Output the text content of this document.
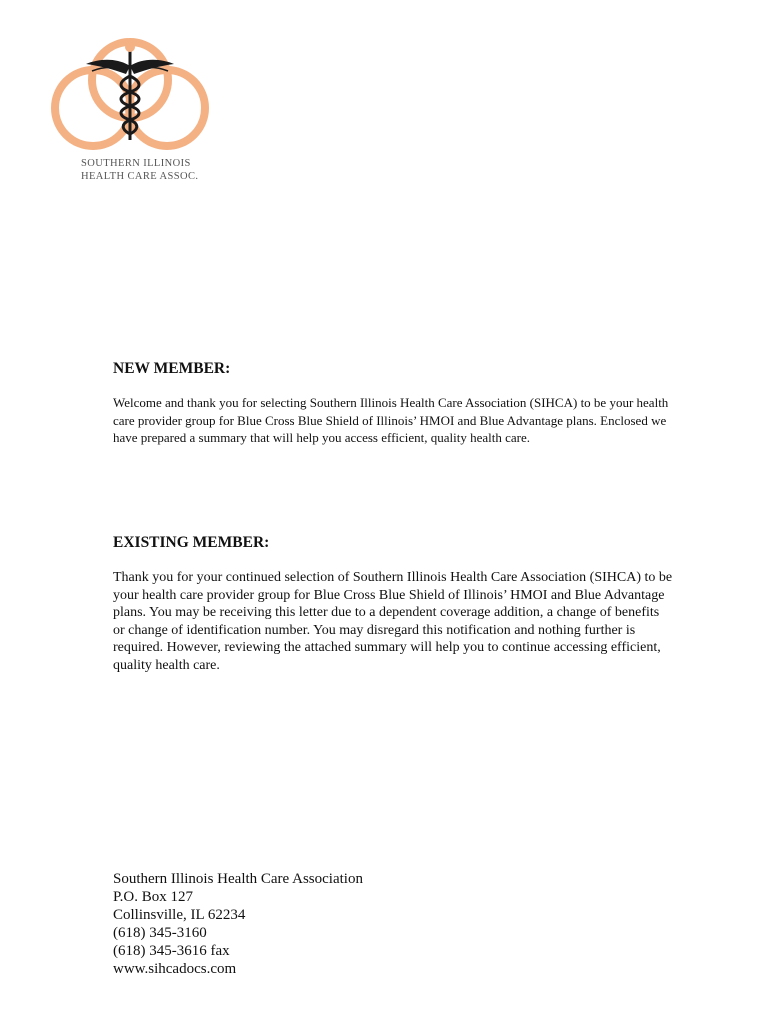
SOUTHERN ILLINOIS
HEALTH CARE ASSOC.
NEW MEMBER:

Welcome and thank you for selecting Southern Illinois Health Care Association (SIHCA) to be your health care provider group for Blue Cross Blue Shield of Illinois’ HMOI and Blue Advantage plans. Enclosed we have prepared a summary that will help you access efficient, quality health care.

EXISTING MEMBER:

Thank you for your continued selection of Southern Illinois Health Care Association (SIHCA) to be your health care provider group for Blue Cross Blue Shield of Illinois’ HMOI and Blue Advantage plans. You may be receiving this letter due to a dependent coverage addition, a change of benefits or change of identification number. You may disregard this notification and nothing further is required. However, reviewing the attached summary will help you to continue accessing efficient, quality health care.

Southern Illinois Health Care Association
P.O. Box 127
Collinsville, IL 62234
(618) 345-3160
(618) 345-3616 fax
www.sihcadocs.com
